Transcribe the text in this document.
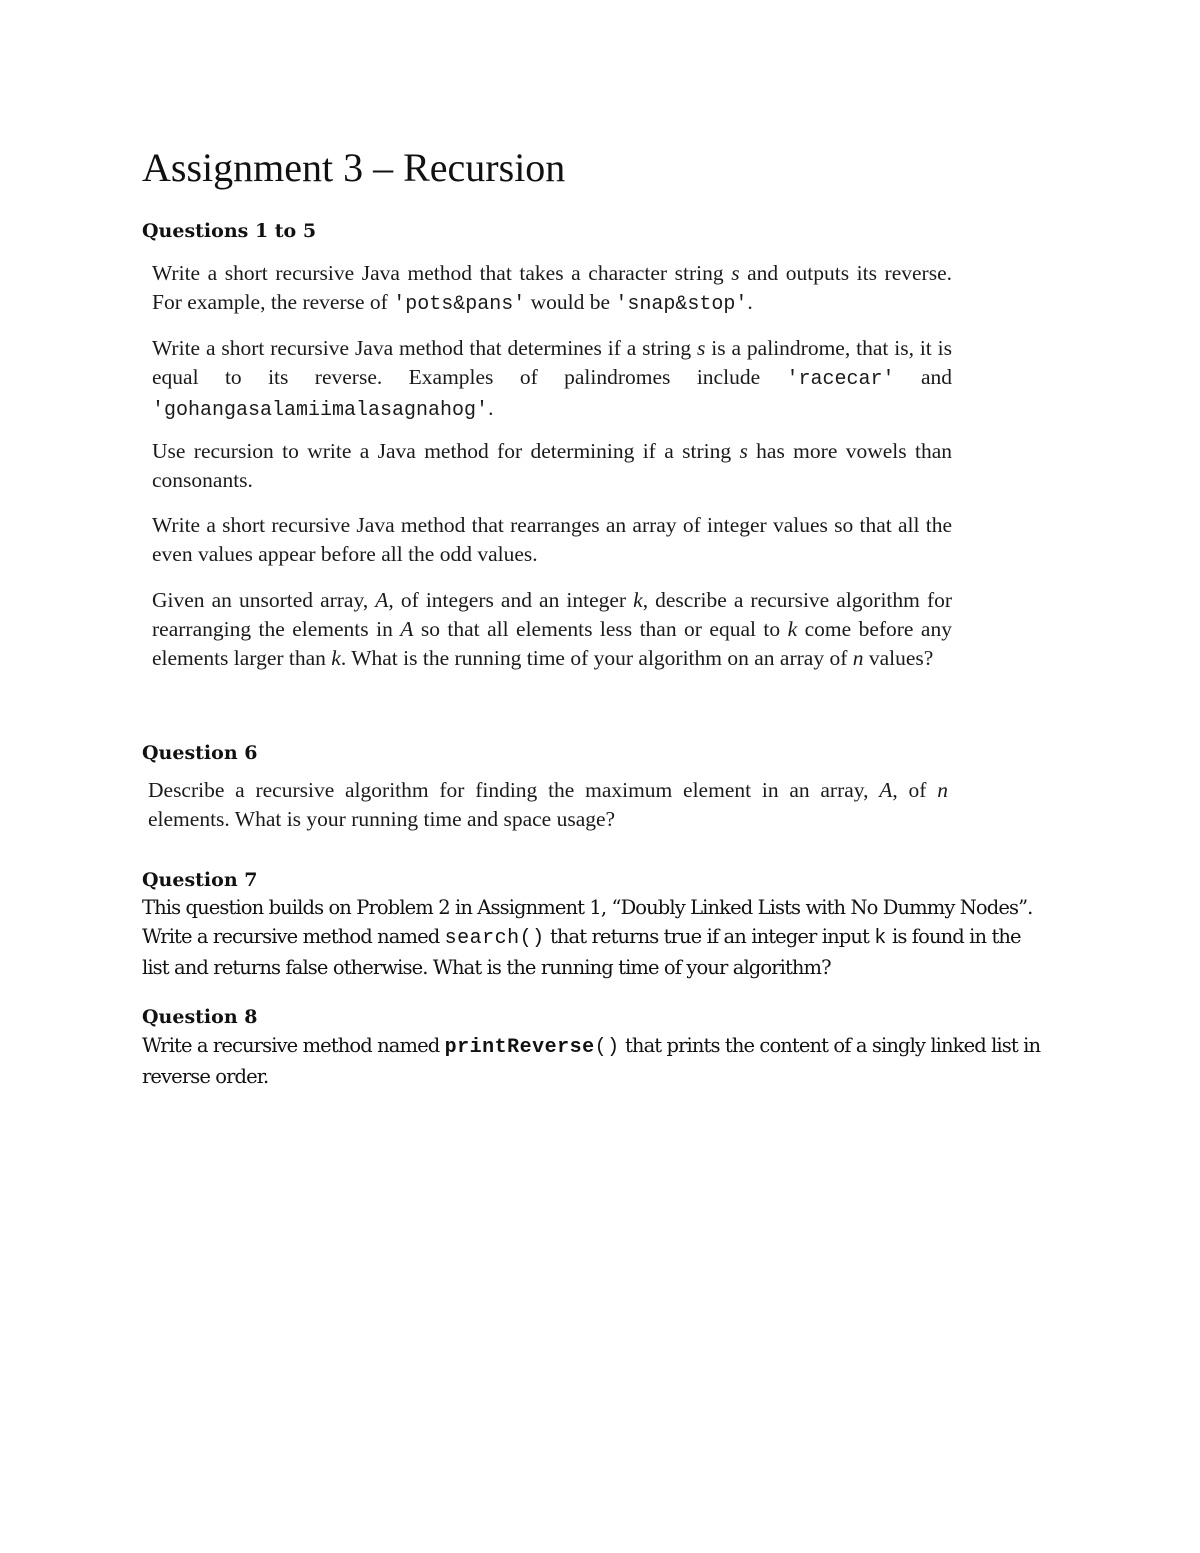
Assignment 3 – Recursion
Questions 1 to 5

Write a short recursive Java method that takes a character string s and outputs its reverse. For example, the reverse of 'pots&pans' would be 'snap&stop'.

Write a short recursive Java method that determines if a string s is a palindrome, that is, it is equal to its reverse. Examples of palindromes include 'racecar' and 'gohangasalamiimalasagnahog'.

Use recursion to write a Java method for determining if a string s has more vowels than consonants.

Write a short recursive Java method that rearranges an array of integer values so that all the even values appear before all the odd values.

Given an unsorted array, A, of integers and an integer k, describe a recursive algorithm for rearranging the elements in A so that all elements less than or equal to k come before any elements larger than k. What is the running time of your algorithm on an array of n values?

Question 6

Describe a recursive algorithm for finding the maximum element in an array, A, of n elements. What is your running time and space usage?

Question 7

This question builds on Problem 2 in Assignment 1, “Doubly Linked Lists with No Dummy Nodes”. Write a recursive method named search() that returns true if an integer input k is found in the list and returns false otherwise. What is the running time of your algorithm?

Question 8

Write a recursive method named printReverse() that prints the content of a singly linked list in reverse order.
